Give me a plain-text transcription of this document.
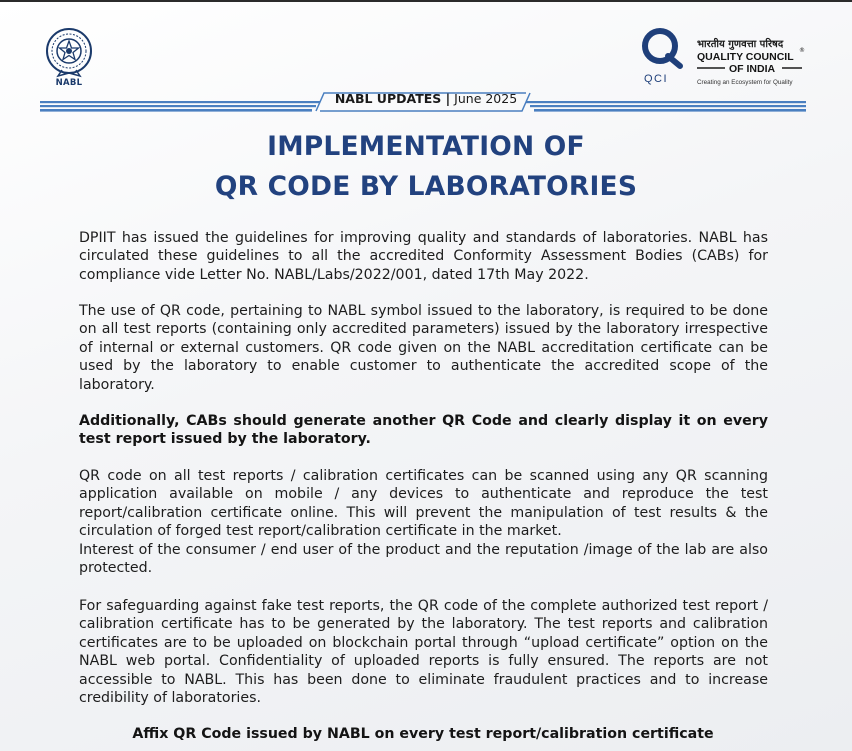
NABL
भारतीय गुणवत्ता परिषद
QUALITY COUNCIL
®
OF INDIA
QCI	Creating an Ecosystem for Quality
NABL UPDATES | June 2025
IMPLEMENTATION OF
QR CODE BY LABORATORIES

DPIIT has issued the guidelines for improving quality and standards of laboratories. NABL has circulated these guidelines to all the accredited Conformity Assessment Bodies (CABs) for compliance vide Letter No. NABL/Labs/2022/001, dated 17th May 2022.

The use of QR code, pertaining to NABL symbol issued to the laboratory, is required to be done on all test reports (containing only accredited parameters) issued by the laboratory irrespective of internal or external customers. QR code given on the NABL accreditation certificate can be used by the laboratory to enable customer to authenticate the accredited scope of the laboratory.

Additionally, CABs should generate another QR Code and clearly display it on every test report issued by the laboratory.

QR code on all test reports / calibration certificates can be scanned using any QR scanning application available on mobile / any devices to authenticate and reproduce the test report/calibration certificate online. This will prevent the manipulation of test results & the circulation of forged test report/calibration certificate in the market.

Interest of the consumer / end user of the product and the reputation /image of the lab are also protected.

For safeguarding against fake test reports, the QR code of the complete authorized test report / calibration certificate has to be generated by the laboratory. The test reports and calibration certificates are to be uploaded on blockchain portal through “upload certificate” option on the NABL web portal. Confidentiality of uploaded reports is fully ensured. The reports are not accessible to NABL. This has been done to eliminate fraudulent practices and to increase credibility of laboratories.

Affix QR Code issued by NABL on every test report/calibration certificate
